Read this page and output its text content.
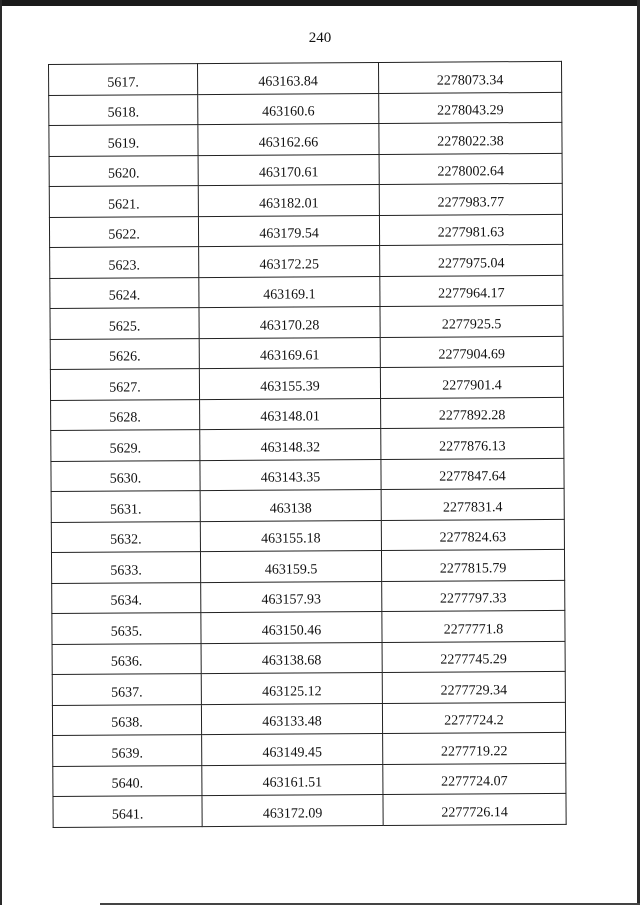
240
5617.	463163.84	2278073.34
5618.	463160.6	2278043.29
5619.	463162.66	2278022.38
5620.	463170.61	2278002.64
5621.	463182.01	2277983.77
5622.	463179.54	2277981.63
5623.	463172.25	2277975.04
5624.	463169.1	2277964.17
5625.	463170.28	2277925.5
5626.	463169.61	2277904.69
5627.	463155.39	2277901.4
5628.	463148.01	2277892.28
5629.	463148.32	2277876.13
5630.	463143.35	2277847.64
5631.	463138	2277831.4
5632.	463155.18	2277824.63
5633.	463159.5	2277815.79
5634.	463157.93	2277797.33
5635.	463150.46	2277771.8
5636.	463138.68	2277745.29
5637.	463125.12	2277729.34
5638.	463133.48	2277724.2
5639.	463149.45	2277719.22
5640.	463161.51	2277724.07
5641.	463172.09	2277726.14
